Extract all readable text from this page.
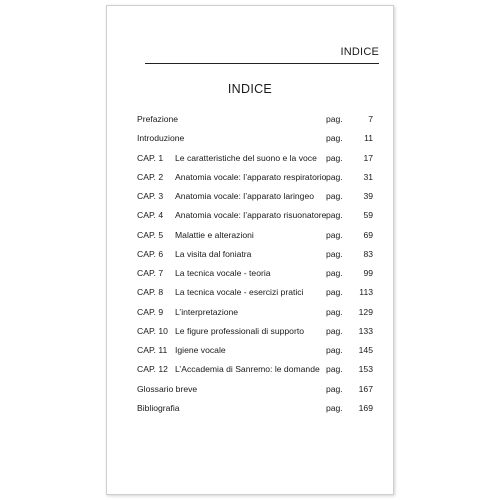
INDICE
INDICE
Prefazione	pag.	7
Introduzione	pag. 11
CAP. 1 Le caratteristiche del suono e la voce pag. 17
CAP. 2 Anatomia vocale: l’apparato respiratorio pag. 31
CAP. 3 Anatomia vocale: l’apparato laringeo pag. 39
CAP. 4 Anatomia vocale: l’apparato risuonatore pag. 59
CAP. 5 Malattie e alterazioni	pag. 69
CAP. 6 La visita dal foniatra	pag. 83
CAP. 7 La tecnica vocale - teoria	pag. 99
CAP. 8 La tecnica vocale - esercizi pratici	pag. 113
CAP. 9 L’interpretazione	pag. 129
CAP. 10 Le figure professionali di supporto	pag. 133
CAP. 11 Igiene vocale	pag. 145
CAP. 12 L’Accademia di Sanremo: le domande pag. 153
Glossario breve	pag. 167
Bibliografia	pag. 169
